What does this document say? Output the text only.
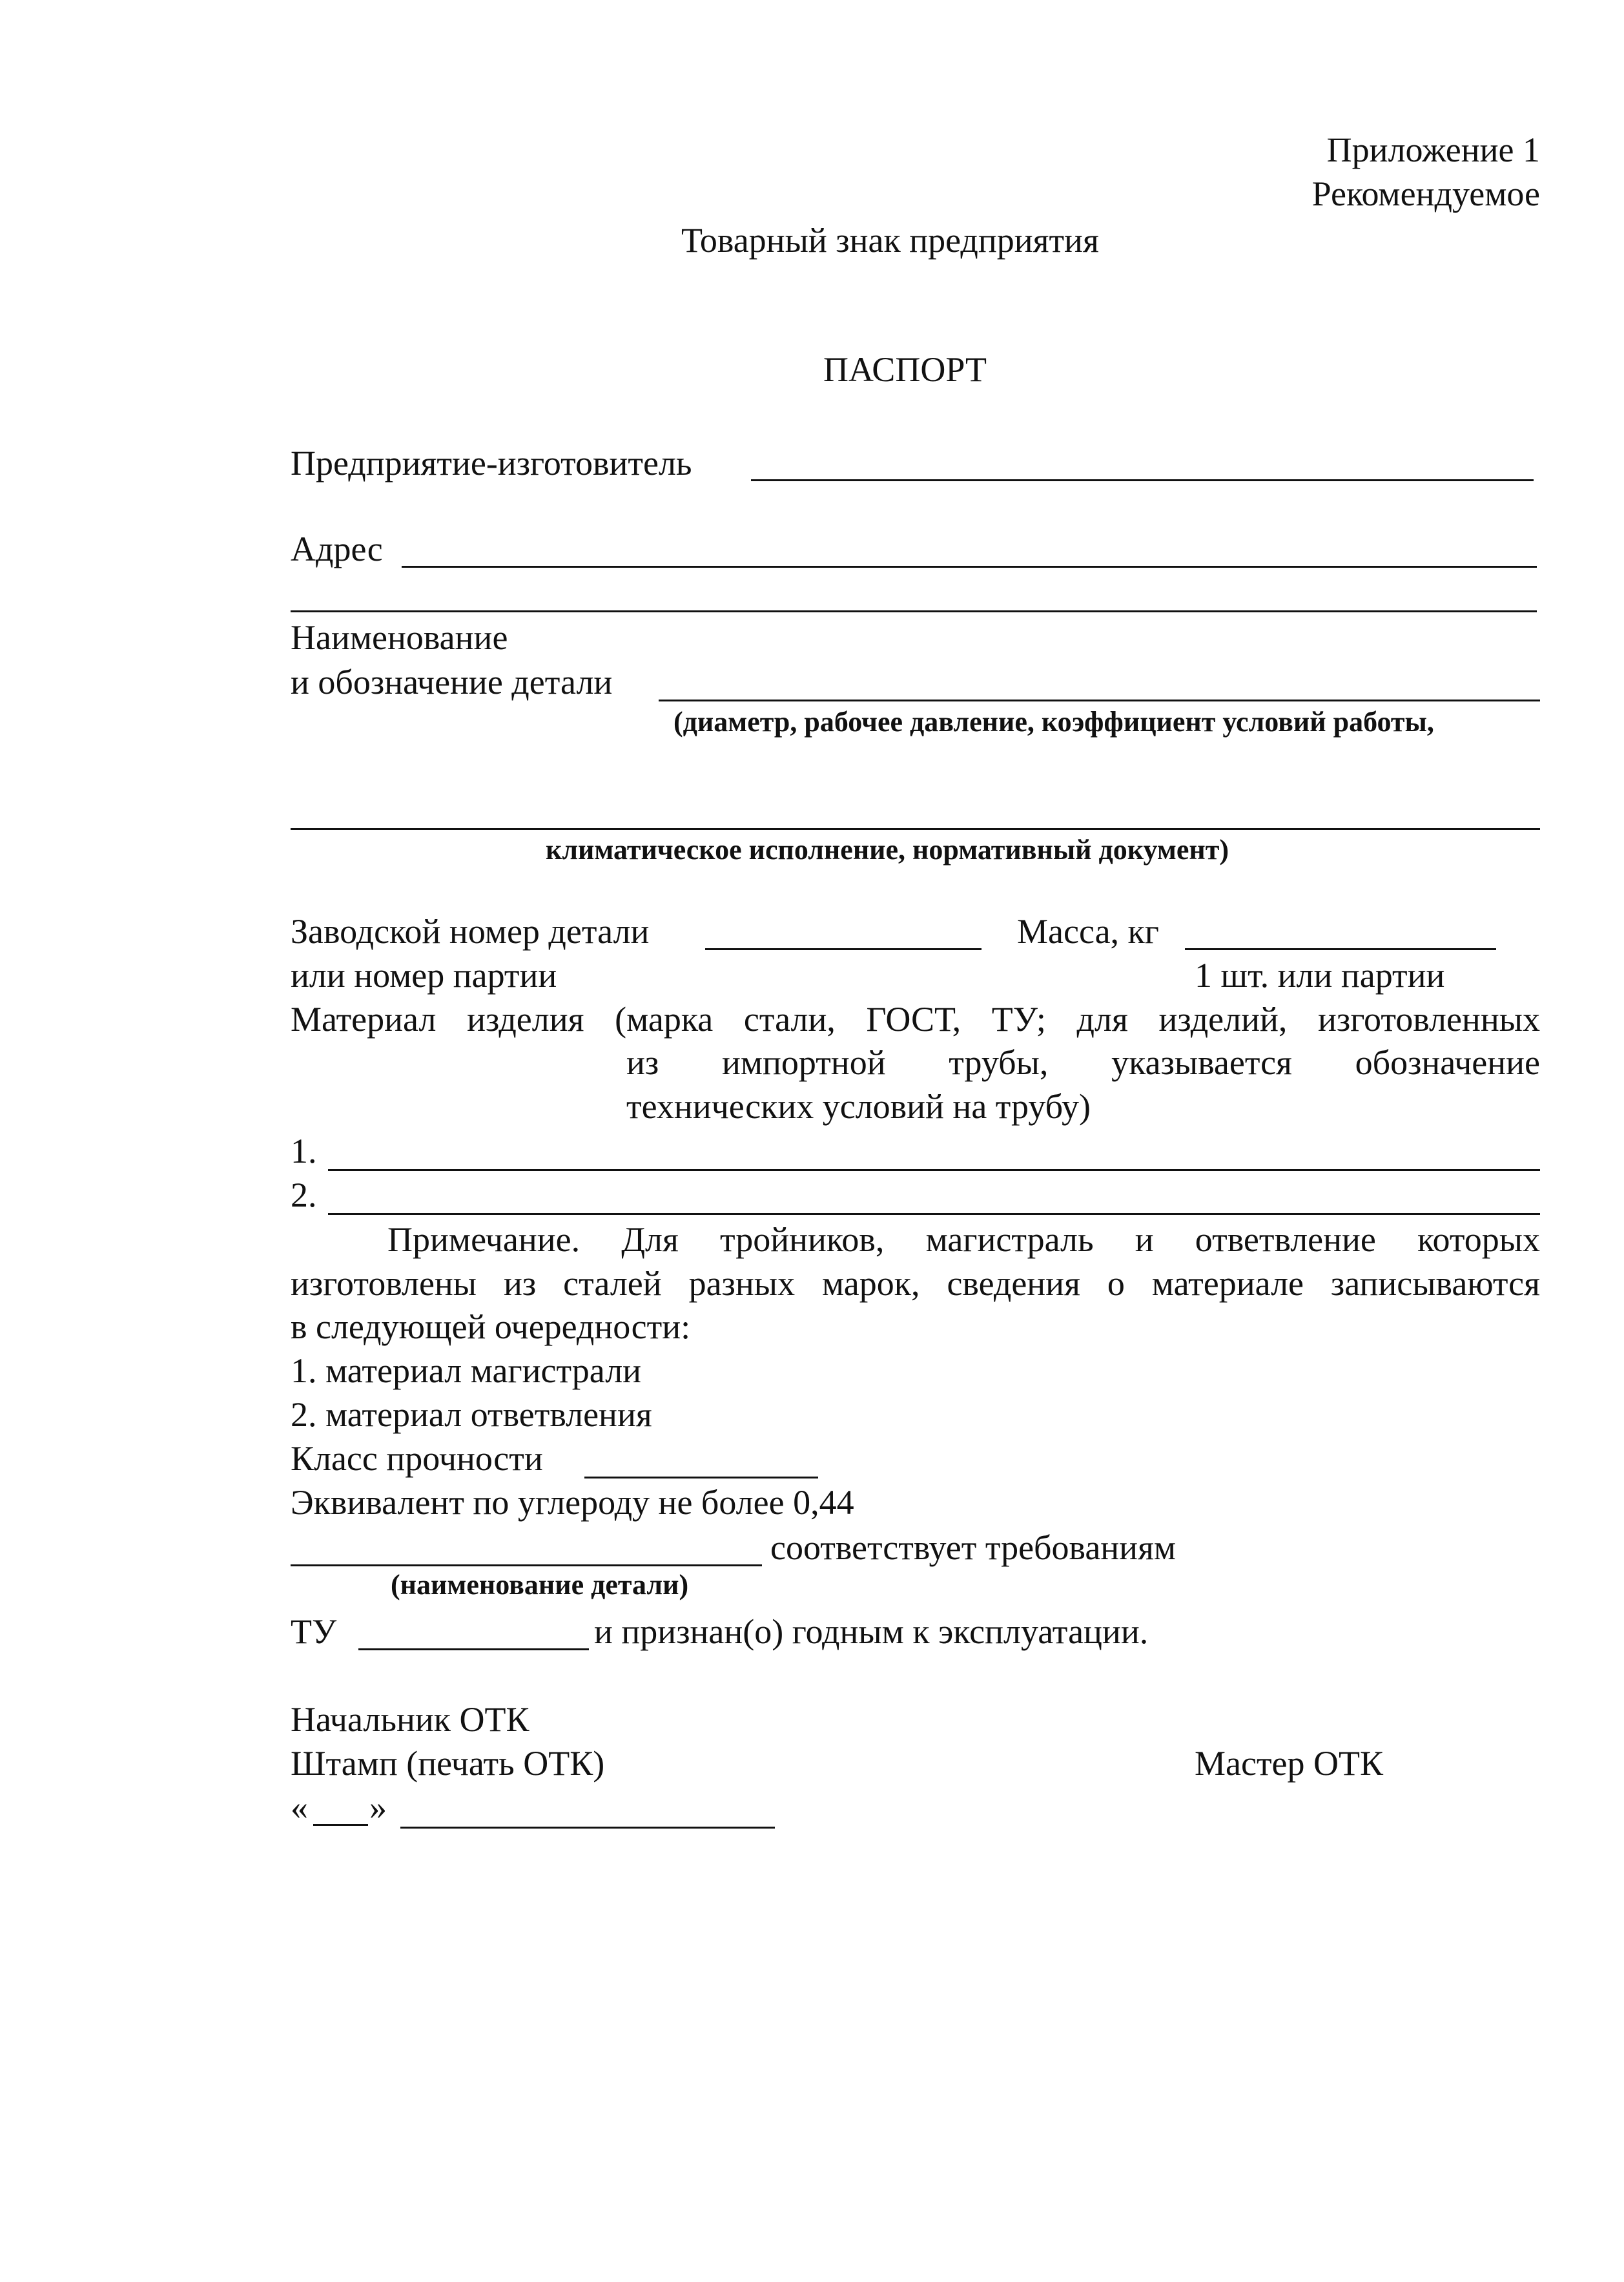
Приложение 1
Рекомендуемое
Товарный знак предприятия
ПАСПОРТ
Предприятие-изготовитель
Адрес
Наименование
и обозначение детали
(диаметр, рабочее давление, коэффициент условий работы,
климатическое исполнение, нормативный документ)
Заводской номер детали	Масса, кг
или номер партии	1 шт. или партии
Материал изделия (марка стали, ГОСТ, ТУ; для изделий, изготовленных
из импортной трубы, указывается обозначение
технических условий на трубу)
1.
2.
Примечание. Для тройников, магистраль и ответвление которых
изготовлены из сталей разных марок, сведения о материале записываются
в следующей очередности:
1. материал магистрали
2. материал ответвления
Класс прочности
Эквивалент по углероду не более 0,44
соответствует требованиям
(наименование детали)
ТУ	и признан(о) годным к эксплуатации.
Начальник ОТК
Штамп (печать ОТК)	Мастер ОТК
« »
